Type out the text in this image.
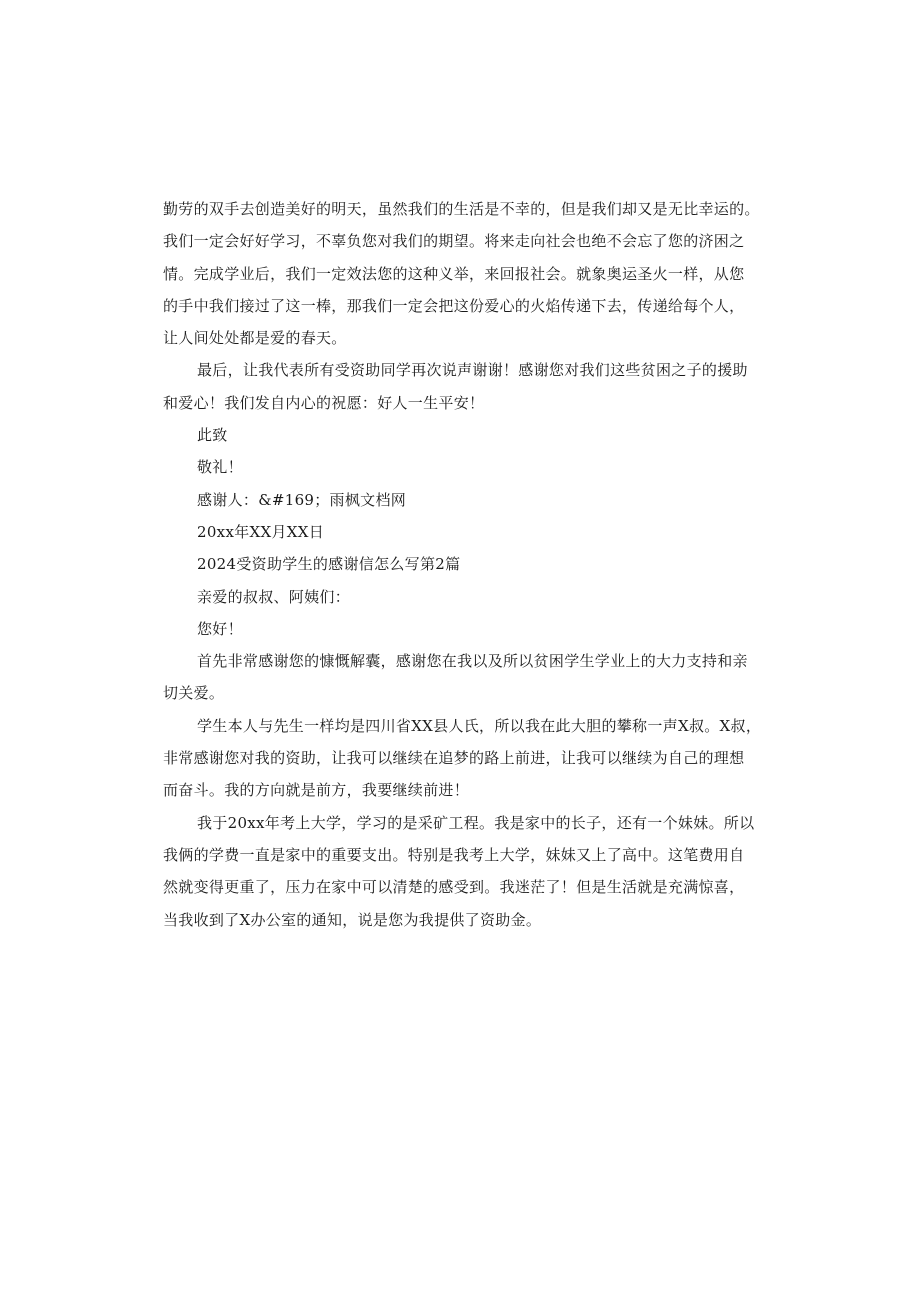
勤劳的双手去创造美好的明天，虽然我们的生活是不幸的，但是我们却又是无比幸运的。
我们一定会好好学习，不辜负您对我们的期望。将来走向社会也绝不会忘了您的济困之
情。完成学业后，我们一定效法您的这种义举，来回报社会。就象奥运圣火一样，从您
的手中我们接过了这一棒，那我们一定会把这份爱心的火焰传递下去，传递给每个人，
让人间处处都是爱的春天。

最后，让我代表所有受资助同学再次说声谢谢！感谢您对我们这些贫困之子的援助
和爱心！我们发自内心的祝愿：好人一生平安！

此致

敬礼！

感谢人：&#169；雨枫文档网

20xx年XX月XX日

2024受资助学生的感谢信怎么写第2篇

亲爱的叔叔、阿姨们：

您好！

首先非常感谢您的慷慨解囊，感谢您在我以及所以贫困学生学业上的大力支持和亲
切关爱。

学生本人与先生一样均是四川省XX县人氏，所以我在此大胆的攀称一声X叔。X叔，
非常感谢您对我的资助，让我可以继续在追梦的路上前进，让我可以继续为自己的理想
而奋斗。我的方向就是前方，我要继续前进！

我于20xx年考上大学，学习的是采矿工程。我是家中的长子，还有一个妹妹。所以
我俩的学费一直是家中的重要支出。特别是我考上大学，妹妹又上了高中。这笔费用自
然就变得更重了，压力在家中可以清楚的感受到。我迷茫了！但是生活就是充满惊喜，
当我收到了X办公室的通知，说是您为我提供了资助金。
